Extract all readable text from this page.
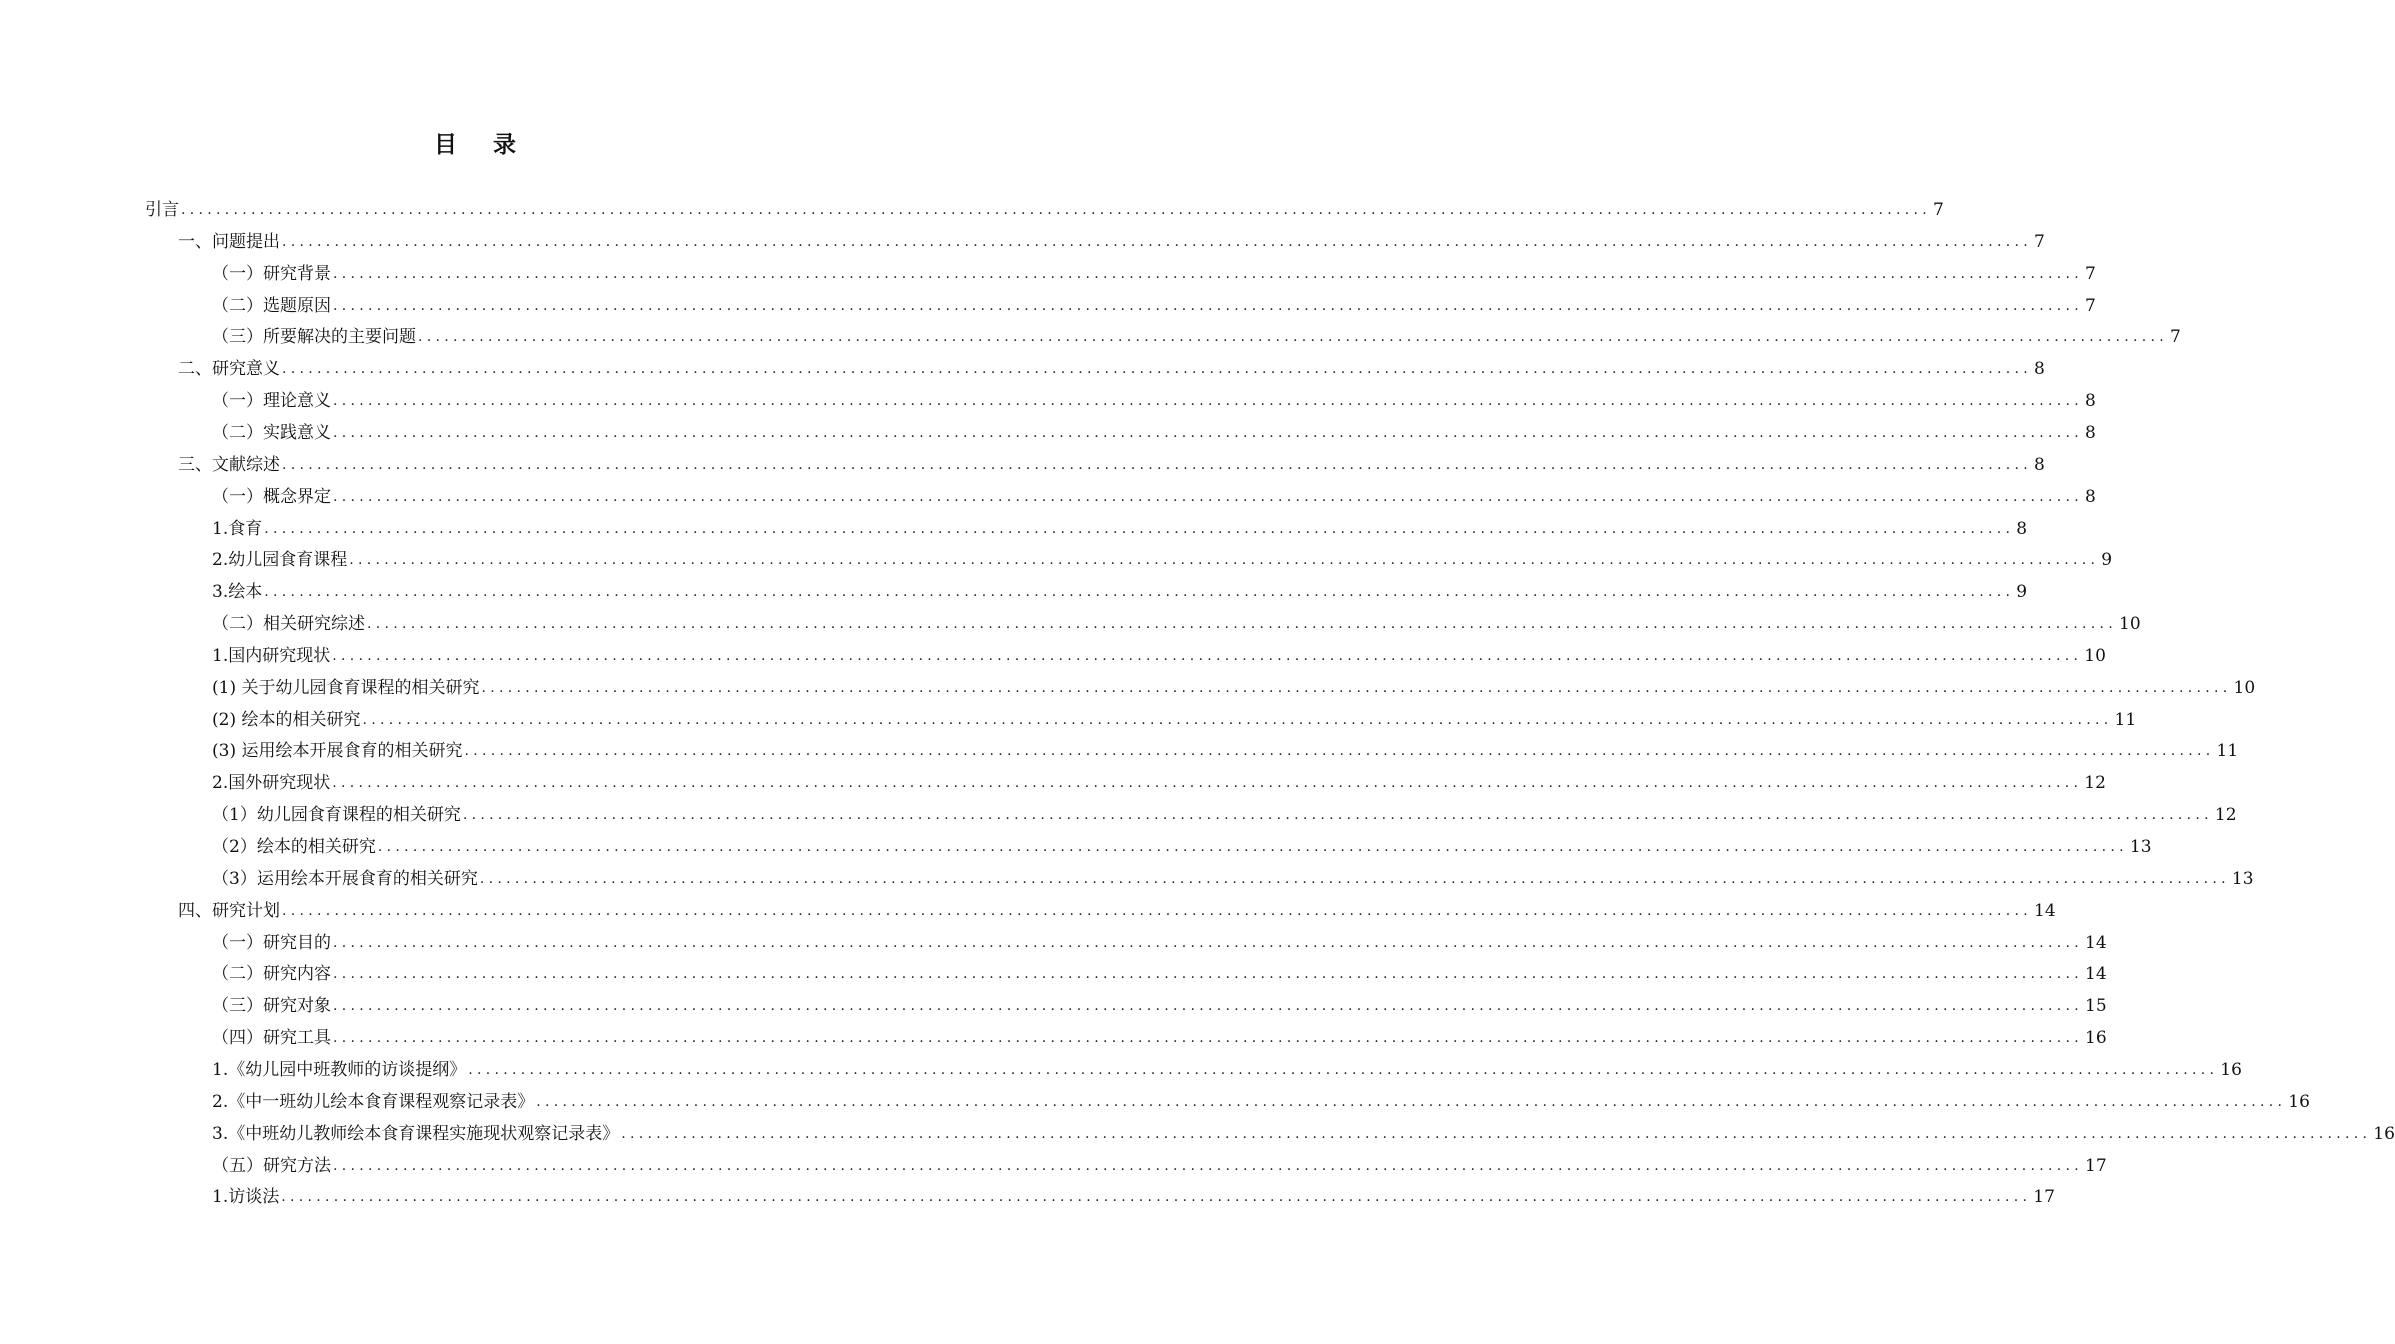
目 录
引言 ........................................................................................................................................................................................................ 7
一、问题提出 ........................................................................................................................................................................................................ 7
（一）研究背景 ........................................................................................................................................................................................................ 7
（二）选题原因 ........................................................................................................................................................................................................ 7
（三）所要解决的主要问题 ........................................................................................................................................................................................................ 7
二、研究意义 ........................................................................................................................................................................................................ 8
（一）理论意义 ........................................................................................................................................................................................................ 8
（二）实践意义 ........................................................................................................................................................................................................ 8
三、文献综述 ........................................................................................................................................................................................................ 8
（一）概念界定 ........................................................................................................................................................................................................ 8
1.食育 ........................................................................................................................................................................................................ 8
2.幼儿园食育课程 ........................................................................................................................................................................................................ 9
3.绘本 ........................................................................................................................................................................................................ 9
（二）相关研究综述 ........................................................................................................................................................................................................ 10
1.国内研究现状 ........................................................................................................................................................................................................ 10
(1) 关于幼儿园食育课程的相关研究 ........................................................................................................................................................................................................ 10
(2) 绘本的相关研究 ........................................................................................................................................................................................................ 11
(3) 运用绘本开展食育的相关研究 ........................................................................................................................................................................................................ 11
2.国外研究现状 ........................................................................................................................................................................................................ 12
（1）幼儿园食育课程的相关研究 ........................................................................................................................................................................................................ 12
（2）绘本的相关研究 ........................................................................................................................................................................................................ 13
（3）运用绘本开展食育的相关研究 ........................................................................................................................................................................................................ 13
四、研究计划 ........................................................................................................................................................................................................ 14
（一）研究目的 ........................................................................................................................................................................................................ 14
（二）研究内容 ........................................................................................................................................................................................................ 14
（三）研究对象 ........................................................................................................................................................................................................ 15
（四）研究工具 ........................................................................................................................................................................................................ 16
1.《幼儿园中班教师的访谈提纲》 ........................................................................................................................................................................................................ 16
2.《中一班幼儿绘本食育课程观察记录表》 ........................................................................................................................................................................................................ 16
3.《中班幼儿教师绘本食育课程实施现状观察记录表》 ........................................................................................................................................................................................................ 16
（五）研究方法 ........................................................................................................................................................................................................ 17
1.访谈法 ........................................................................................................................................................................................................ 17
